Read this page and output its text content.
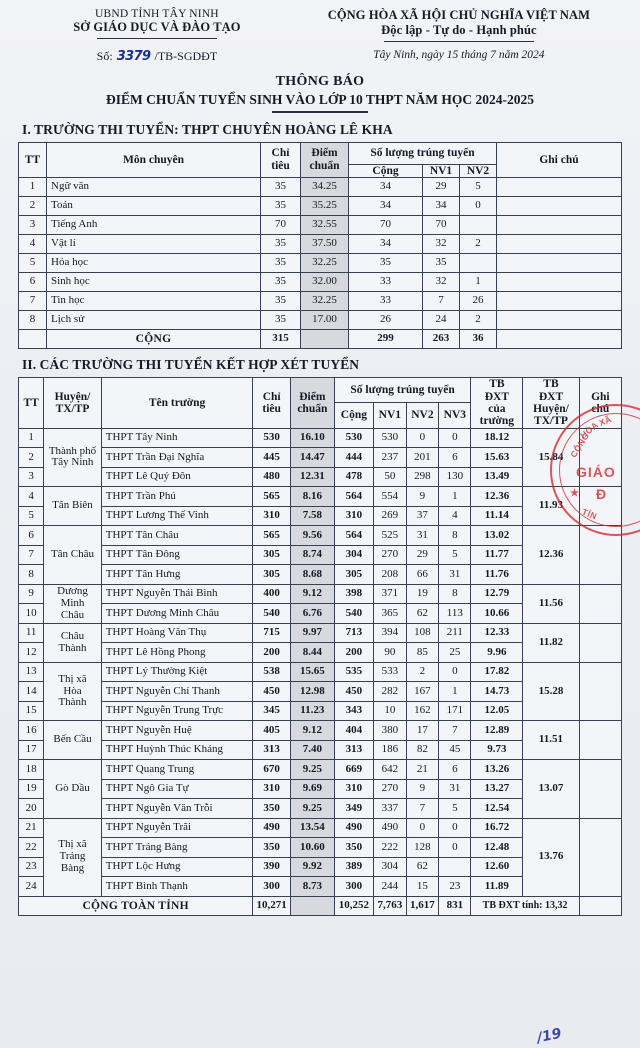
UBND TỈNH TÂY NINH
SỞ GIÁO DỤC VÀ ĐÀO TẠO
CỘNG HÒA XÃ HỘI CHỦ NGHĨA VIỆT NAM
Độc lập - Tự do - Hạnh phúc
Số: 3379 /TB-SGDĐT	Tây Ninh, ngày 15 tháng 7 năm 2024
THÔNG BÁO
ĐIỂM CHUẨN TUYỂN SINH VÀO LỚP 10 THPT NĂM HỌC 2024-2025
I. TRƯỜNG THI TUYỂN: THPT CHUYÊN HOÀNG LÊ KHA
TT	Môn chuyên	
Chỉ
tiêu

Điểm
chuẩn
	Số lượng trúng tuyển	Ghi chú
				Cộng	NV1	NV2	
1	Ngữ văn	35	34.25	34	29	5	
2	Toán	35	35.25	34	34	0	
3	Tiếng Anh	70	32.55	70	70		
4	Vật lí	35	37.50	34	32	2	
5	Hóa học	35	32.25	35	35		
6	Sinh học	35	32.00	33	32	1	
7	Tin học	35	32.25	33	7	26	
8	Lịch sử	35	17.00	26	24	2	
	CỘNG	315		299	263	36	
II. CÁC TRƯỜNG THI TUYỂN KẾT HỢP XÉT TUYỂN
TT	
Huyện/
TX/TP
	Tên trường	
Chỉ
tiêu

Điểm
chuẩn
	Số lượng trúng tuyển	TB
ĐXT
của
trường

TB
ĐXT
Huyện/
TX/TP
	Ghi chú
					Cộng	NV1	NV2	NV3			
1	Thành phố
Tây Ninh	THPT Tây Ninh	530	16.10	530	530	0	0	18.12	15.84	
2		THPT Trần Đại Nghĩa	445	14.47	444	237	201	6	15.63		
3		THPT Lê Quý Đôn	480	12.31	478	50	298	130	13.49		
4	Tân Biên	THPT Trần Phú	565	8.16	564	554	9	1	12.36	11.93	
5		THPT Lương Thế Vinh	310	7.58	310	269	37	4	11.14		
6	Tân Châu	THPT Tân Châu	565	9.56	564	525	31	8	13.02	12.36	
7		THPT Tân Đông	305	8.74	304	270	29	5	11.77		
8		THPT Tân Hưng	305	8.68	305	208	66	31	11.76		
9	Dương
Minh
Châu	THPT Nguyễn Thái Bình	400	9.12	398	371	19	8	12.79	11.56	
10		THPT Dương Minh Châu	540	6.76	540	365	62	113	10.66		
11	Châu
Thành	THPT Hoàng Văn Thụ	715	9.97	713	394	108	211	12.33	11.82	
12		THPT Lê Hồng Phong	200	8.44	200	90	85	25	9.96		
13	Thị xã
Hòa
Thành	THPT Lý Thường Kiệt	538	15.65	535	533	2	0	17.82	15.28	
14		THPT Nguyễn Chí Thanh	450	12.98	450	282	167	1	14.73		
15		THPT Nguyễn Trung Trực	345	11.23	343	10	162	171	12.05		
16	Bến Cầu	THPT Nguyễn Huệ	405	9.12	404	380	17	7	12.89	11.51	
17		THPT Huỳnh Thúc Kháng	313	7.40	313	186	82	45	9.73		
18	Gò Dầu	THPT Quang Trung	670	9.25	669	642	21	6	13.26	13.07	
19		THPT Ngô Gia Tự	310	9.69	310	270	9	31	13.27		
20		THPT Nguyễn Văn Trỗi	350	9.25	349	337	7	5	12.54		
21	Thị xã
Trảng
Bàng	THPT Nguyễn Trãi	490	13.54	490	490	0	0	16.72	13.76	
22		THPT Trảng Bàng	350	10.60	350	222	128	0	12.48		
23		THPT Lộc Hưng	390	9.92	389	304	62		12.60		
24		THPT Bình Thạnh	300	8.73	300	244	15	23	11.89		
CỘNG TOÀN TỈNH			10,271		10,252	7,763	1,617	831	TB ĐXT tính: 13,32		
CỘNG
HÒA
XÃ
GIÁO
★ Đ
TỈN
/19
